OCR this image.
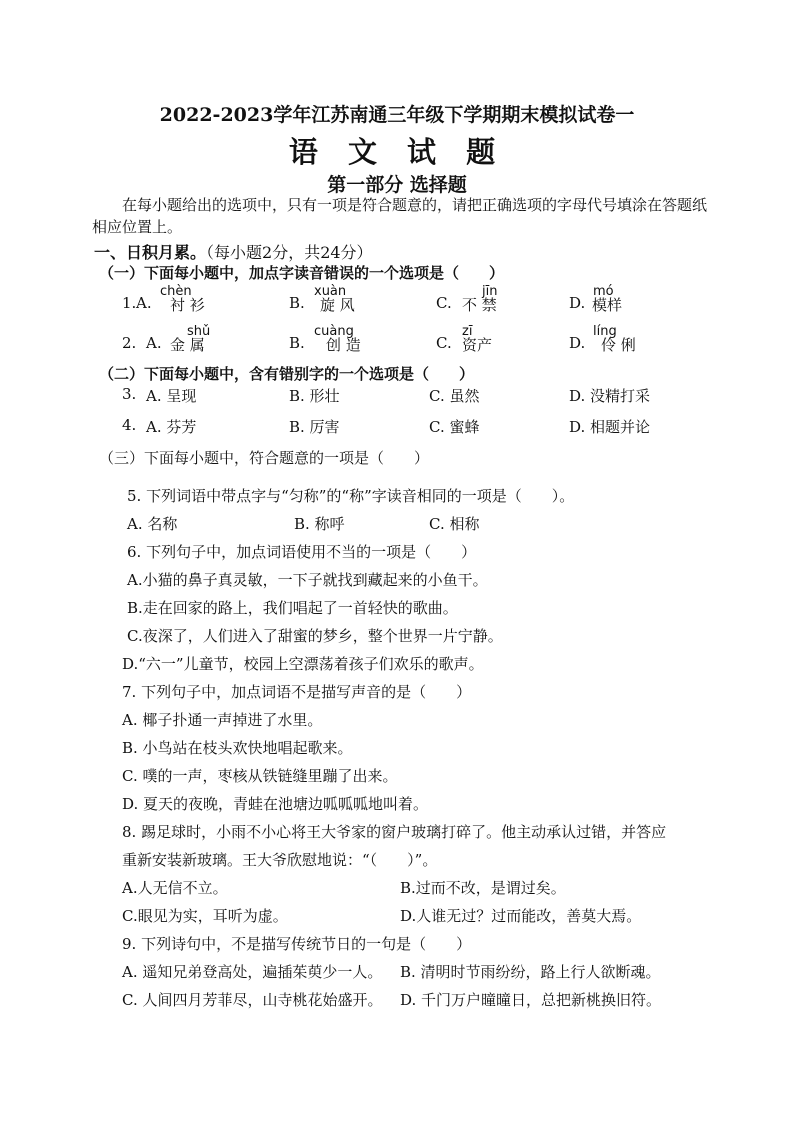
2022-2023学年江苏南通三年级下学期期末模拟试卷一
语 文 试 题
第一部分 选择题

在每小题给出的选项中，只有一项是符合题意的，请把正确选项的字母代号填涂在答题纸相应位置上。

一、日积月累。（每小题2分，共24分）
（一）下面每小题中，加点字读音错误的一个选项是（　　）
chèn	xuàn	jīn	mó
1. A. 衬 衫	B. 旋 风	C. 不 禁	D. 模样
shǔ	cuàng	zī	líng
2. A. 金 属	B. 创 造	C. 资产	D. 伶 俐
（二）下面每小题中，含有错别字的一个选项是（　　）
3. A. 呈现	B. 形壮	C. 虽然	D. 没精打采
4. A. 芬芳	B. 厉害	C. 蜜蜂	D. 相题并论
（三）下面每小题中，符合题意的一项是（　　）
5. 下列词语中带点字与“匀称”的“称”字读音相同的一项是（　　）。
A. 名称	B. 称呼	C. 相称
6. 下列句子中，加点词语使用不当的一项是（　　）
A.小猫的鼻子真灵敏，一下子就找到藏起来的小鱼干。
B.走在回家的路上，我们唱起了一首轻快的歌曲。
C.夜深了，人们进入了甜蜜的梦乡，整个世界一片宁静。
D.“六一”儿童节，校园上空漂荡着孩子们欢乐的歌声。
7. 下列句子中，加点词语不是描写声音的是（　　）
A. 椰子扑通一声掉进了水里。
B. 小鸟站在枝头欢快地唱起歌来。
C. 噗的一声，枣核从铁链缝里蹦了出来。
D. 夏天的夜晚，青蛙在池塘边呱呱呱地叫着。
8. 踢足球时，小雨不小心将王大爷家的窗户玻璃打碎了。他主动承认过错，并答应
重新安装新玻璃。王大爷欣慰地说：“（　　）”。
A.人无信不立。	B.过而不改，是谓过矣。
C.眼见为实，耳听为虚。	D.人谁无过？过而能改，善莫大焉。
9. 下列诗句中，不是描写传统节日的一句是（　　）
A. 遥知兄弟登高处，遍插茱萸少一人。 B. 清明时节雨纷纷，路上行人欲断魂。
C. 人间四月芳菲尽，山寺桃花始盛开。 D. 千门万户曈曈日，总把新桃换旧符。
